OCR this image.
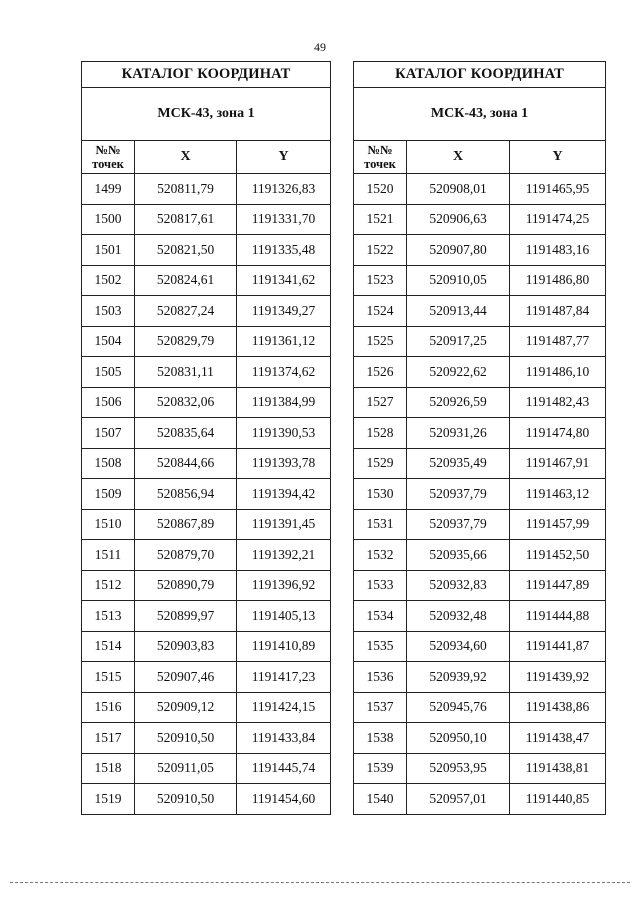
49
КАТАЛОГ КООРДИНАТ		
МСК-43, зона 1		
№№ точек	X	Y
1499	520811,79	1191326,83
1500	520817,61	1191331,70
1501	520821,50	1191335,48
1502	520824,61	1191341,62
1503	520827,24	1191349,27
1504	520829,79	1191361,12
1505	520831,11	1191374,62
1506	520832,06	1191384,99
1507	520835,64	1191390,53
1508	520844,66	1191393,78
1509	520856,94	1191394,42
1510	520867,89	1191391,45
1511	520879,70	1191392,21
1512	520890,79	1191396,92
1513	520899,97	1191405,13
1514	520903,83	1191410,89
1515	520907,46	1191417,23
1516	520909,12	1191424,15
1517	520910,50	1191433,84
1518	520911,05	1191445,74
1519	520910,50	1191454,60
КАТАЛОГ КООРДИНАТ		
МСК-43, зона 1		
№№ точек	X	Y
1520	520908,01	1191465,95
1521	520906,63	1191474,25
1522	520907,80	1191483,16
1523	520910,05	1191486,80
1524	520913,44	1191487,84
1525	520917,25	1191487,77
1526	520922,62	1191486,10
1527	520926,59	1191482,43
1528	520931,26	1191474,80
1529	520935,49	1191467,91
1530	520937,79	1191463,12
1531	520937,79	1191457,99
1532	520935,66	1191452,50
1533	520932,83	1191447,89
1534	520932,48	1191444,88
1535	520934,60	1191441,87
1536	520939,92	1191439,92
1537	520945,76	1191438,86
1538	520950,10	1191438,47
1539	520953,95	1191438,81
1540	520957,01	1191440,85
